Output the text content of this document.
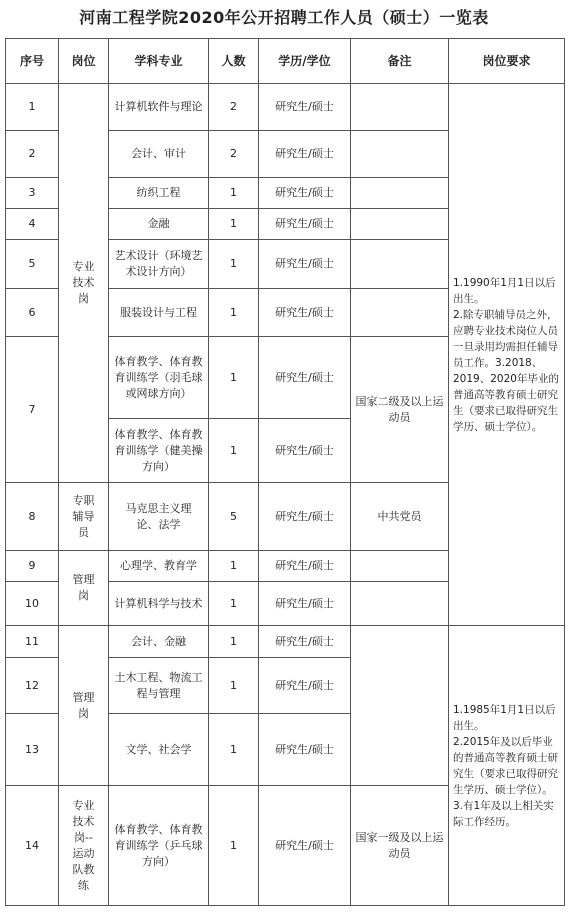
河南工程学院2020年公开招聘工作人员（硕士）一览表
序号	岗位	学科专业	人数	学历/学位	备注	岗位要求
1	专业技术岗	计算机软件与理论	2	研究生/硕士		1.1990年1月1日以后出生。
2.除专职辅导员之外，应聘专业技术岗位人员一旦录用均需担任辅导员工作。3.2018、2019、2020年毕业的普通高等教育硕士研究生（要求已取得研究生学历、硕士学位）。
2		会计、审计	2	研究生/硕士		
3		纺织工程	1	研究生/硕士		
4		金融	1	研究生/硕士		
5		艺术设计（环境艺术设计方向）	1	研究生/硕士		
6		服装设计与工程	1	研究生/硕士		
7		体育教学、体育教育训练学（羽毛球或网球方向）	1	研究生/硕士	国家二级及以上运动员	
		体育教学、体育教育训练学（健美操方向）	1	研究生/硕士		
8	专职辅导员	马克思主义理论、法学	5	研究生/硕士	中共党员	
9	管理岗	心理学、教育学	1	研究生/硕士		
10		计算机科学与技术	1	研究生/硕士		
11	管理岗	会计、金融	1	研究生/硕士		1.1985年1月1日以后出生。
2.2015年及以后毕业的普通高等教育硕士研究生（要求已取得研究生学历、硕士学位）。
3.有1年及以上相关实际工作经历。
12		土木工程、物流工程与管理	1	研究生/硕士		
13		文学、社会学	1	研究生/硕士		
14	专业技术岗--运动队教练	体育教学、体育教育训练学（乒乓球方向）	1	研究生/硕士	国家一级及以上运动员	
